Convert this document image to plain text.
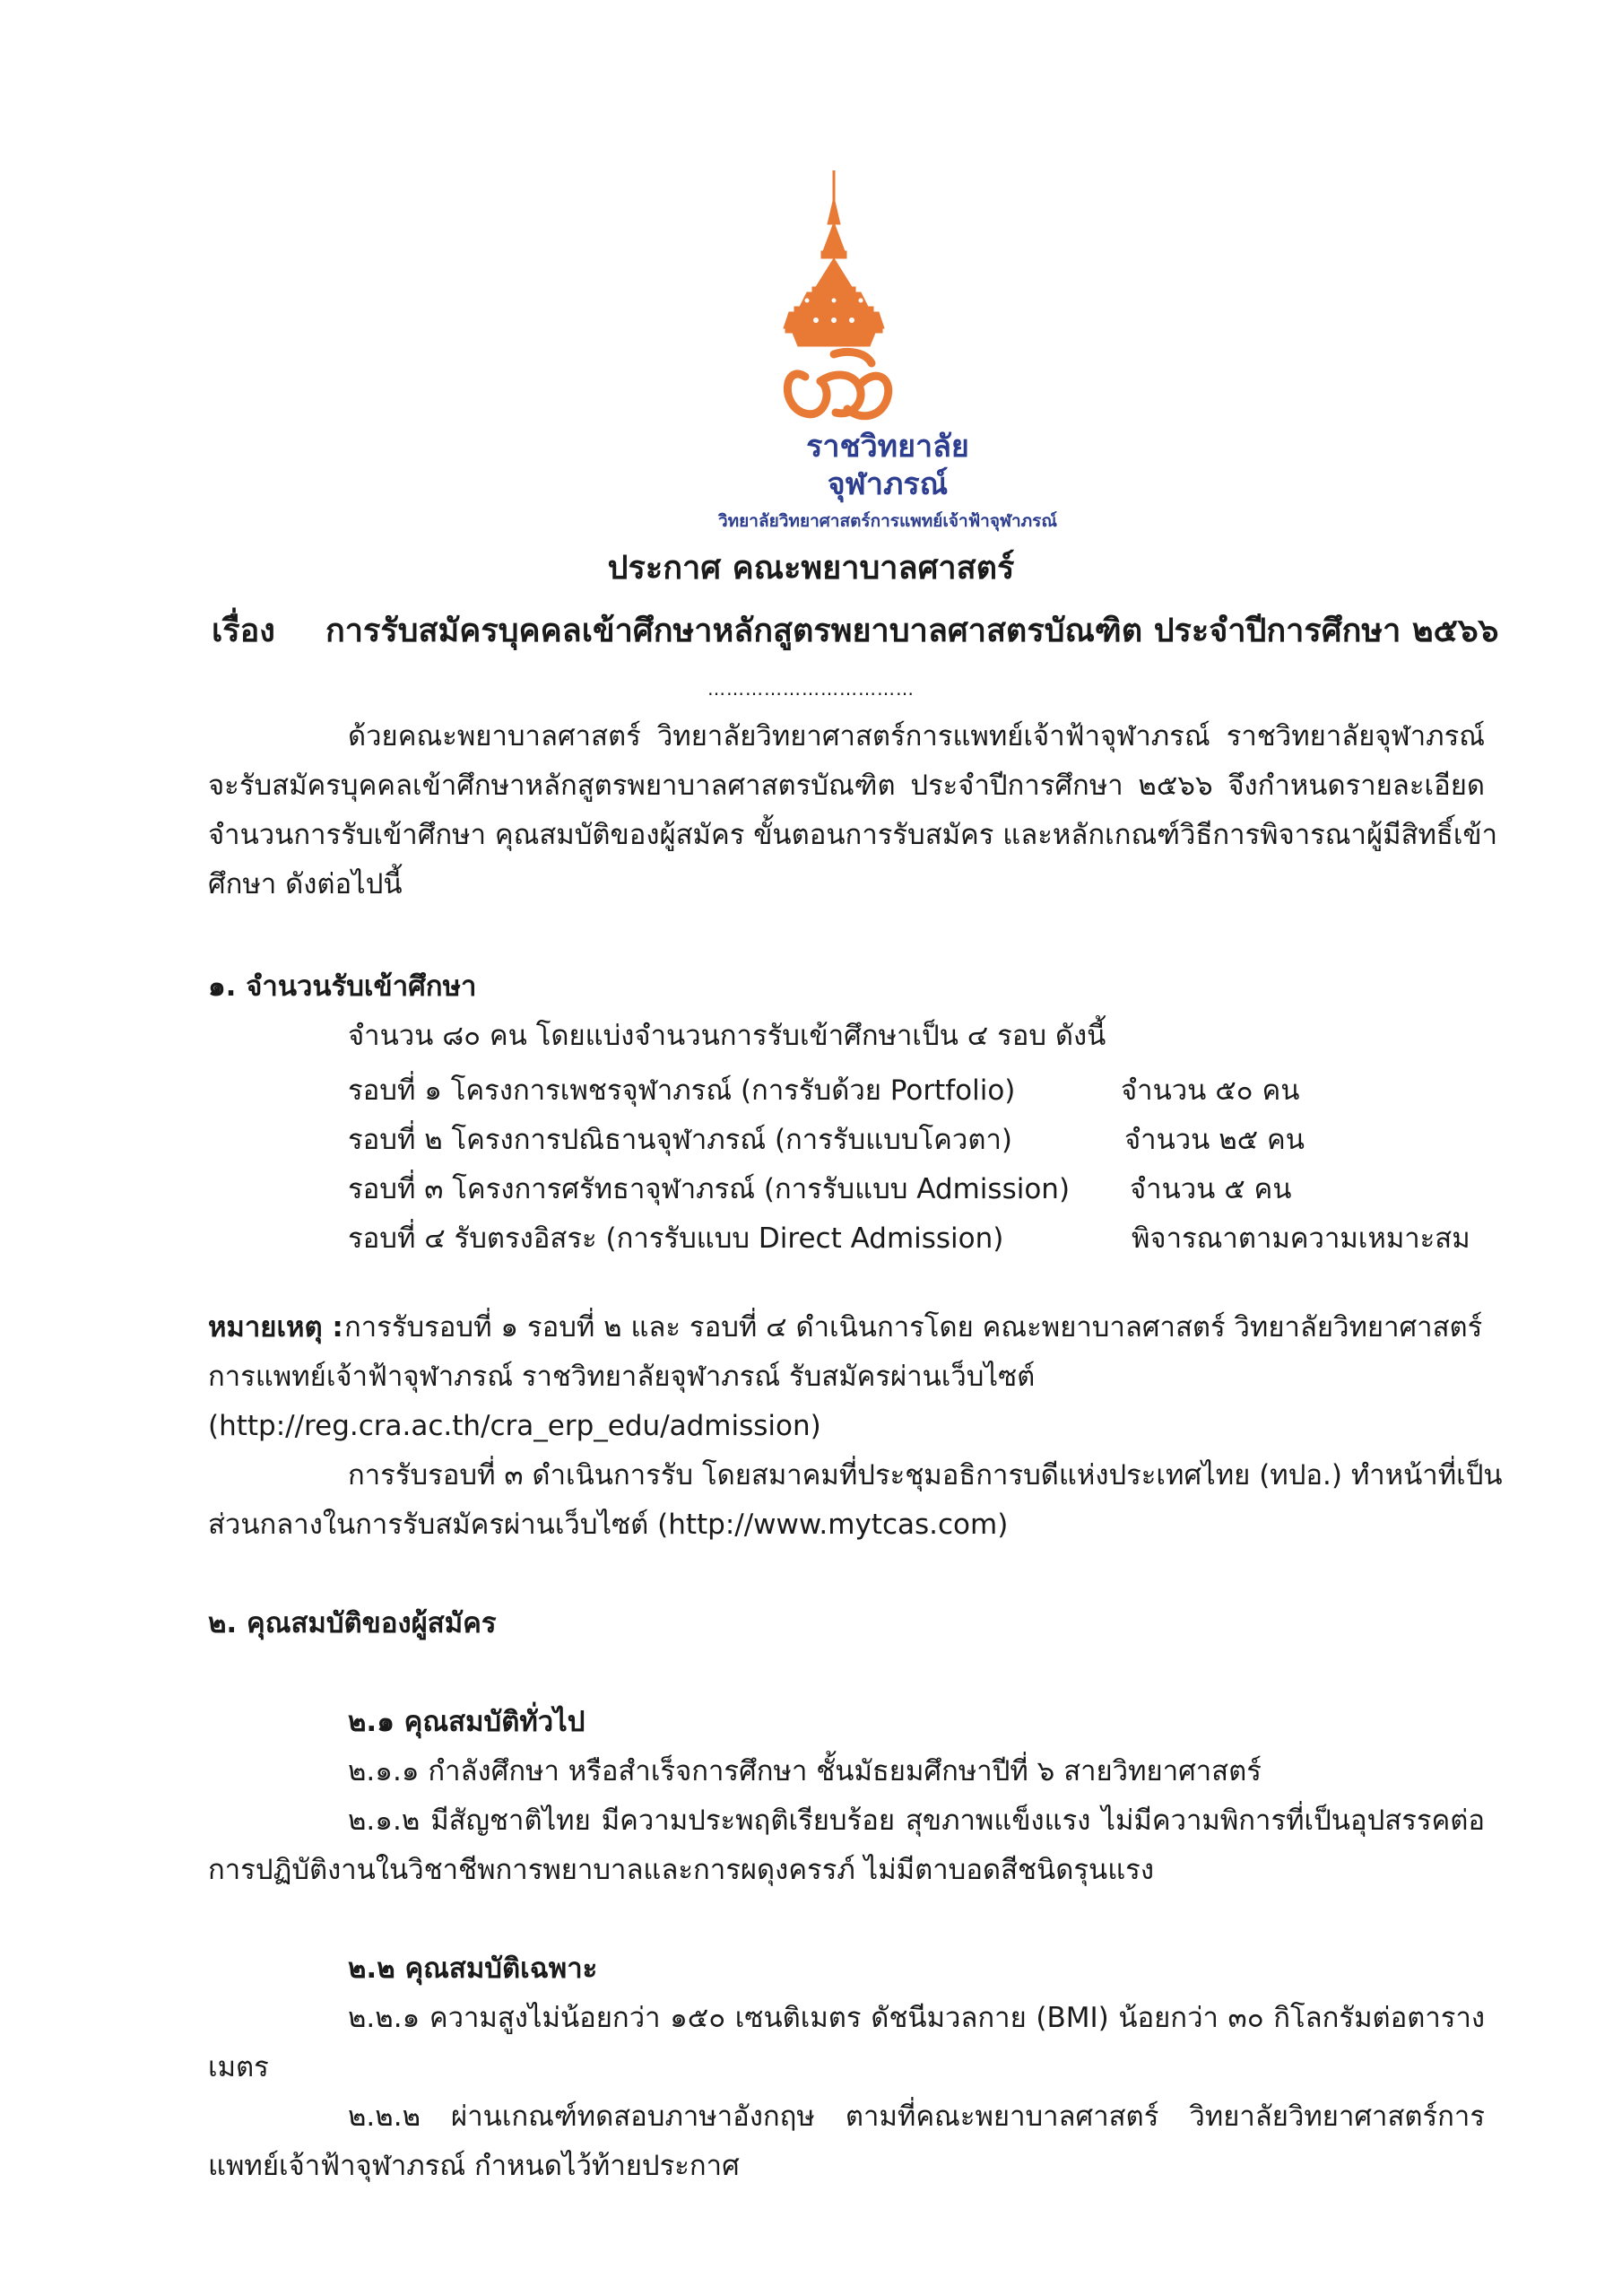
ราชวิทยาลัย
จุฬาภรณ์
วิทยาลัยวิทยาศาสตร์การแพทย์เจ้าฟ้าจุฬาภรณ์
ประกาศ คณะพยาบาลศาสตร์
เรื่อง การรับสมัครบุคคลเข้าศึกษาหลักสูตรพยาบาลศาสตรบัณฑิต ประจำปีการศึกษา ๒๕๖๖
……………………………
ด้วยคณะพยาบาลศาสตร์ วิทยาลัยวิทยาศาสตร์การแพทย์เจ้าฟ้าจุฬาภรณ์ ราชวิทยาลัยจุฬาภรณ์
จะรับสมัครบุคคลเข้าศึกษาหลักสูตรพยาบาลศาสตรบัณฑิต ประจำปีการศึกษา ๒๕๖๖ จึงกำหนดรายละเอียด
จำนวนการรับเข้าศึกษา คุณสมบัติของผู้สมัคร ขั้นตอนการรับสมัคร และหลักเกณฑ์วิธีการพิจารณาผู้มีสิทธิ์เข้า
ศึกษา ดังต่อไปนี้
๑. จำนวนรับเข้าศึกษา
จำนวน ๘๐ คน โดยแบ่งจำนวนการรับเข้าศึกษาเป็น ๔ รอบ ดังนี้
รอบที่ ๑ โครงการเพชรจุฬาภรณ์ (การรับด้วย Portfolio)	จำนวน ๕๐ คน
รอบที่ ๒ โครงการปณิธานจุฬาภรณ์ (การรับแบบโควตา)	จำนวน ๒๕ คน
รอบที่ ๓ โครงการศรัทธาจุฬาภรณ์ (การรับแบบ Admission) จำนวน ๕ คน
รอบที่ ๔ รับตรงอิสระ (การรับแบบ Direct Admission)	พิจารณาตามความเหมาะสม
หมายเหตุ : การรับรอบที่ ๑ รอบที่ ๒ และ รอบที่ ๔ ดำเนินการโดย คณะพยาบาลศาสตร์ วิทยาลัยวิทยาศาสตร์
การแพทย์เจ้าฟ้าจุฬาภรณ์ ราชวิทยาลัยจุฬาภรณ์ รับสมัครผ่านเว็บไซต์
(http://reg.cra.ac.th/cra_erp_edu/admission)
การรับรอบที่ ๓ ดำเนินการรับ โดยสมาคมที่ประชุมอธิการบดีแห่งประเทศไทย (ทปอ.) ทำหน้าที่เป็น
ส่วนกลางในการรับสมัครผ่านเว็บไซต์ (http://www.mytcas.com)
๒. คุณสมบัติของผู้สมัคร
๒.๑ คุณสมบัติทั่วไป
๒.๑.๑ กำลังศึกษา หรือสำเร็จการศึกษา ชั้นมัธยมศึกษาปีที่ ๖ สายวิทยาศาสตร์
๒.๑.๒ มีสัญชาติไทย มีความประพฤติเรียบร้อย สุขภาพแข็งแรง ไม่มีความพิการที่เป็นอุปสรรคต่อ
การปฏิบัติงานในวิชาชีพการพยาบาลและการผดุงครรภ์ ไม่มีตาบอดสีชนิดรุนแรง
๒.๒ คุณสมบัติเฉพาะ
๒.๒.๑ ความสูงไม่น้อยกว่า ๑๕๐ เซนติเมตร ดัชนีมวลกาย (BMI) น้อยกว่า ๓๐ กิโลกรัมต่อตาราง
เมตร
๒.๒.๒ ผ่านเกณฑ์ทดสอบภาษาอังกฤษ ตามที่คณะพยาบาลศาสตร์ วิทยาลัยวิทยาศาสตร์การ
แพทย์เจ้าฟ้าจุฬาภรณ์ กำหนดไว้ท้ายประกาศ
